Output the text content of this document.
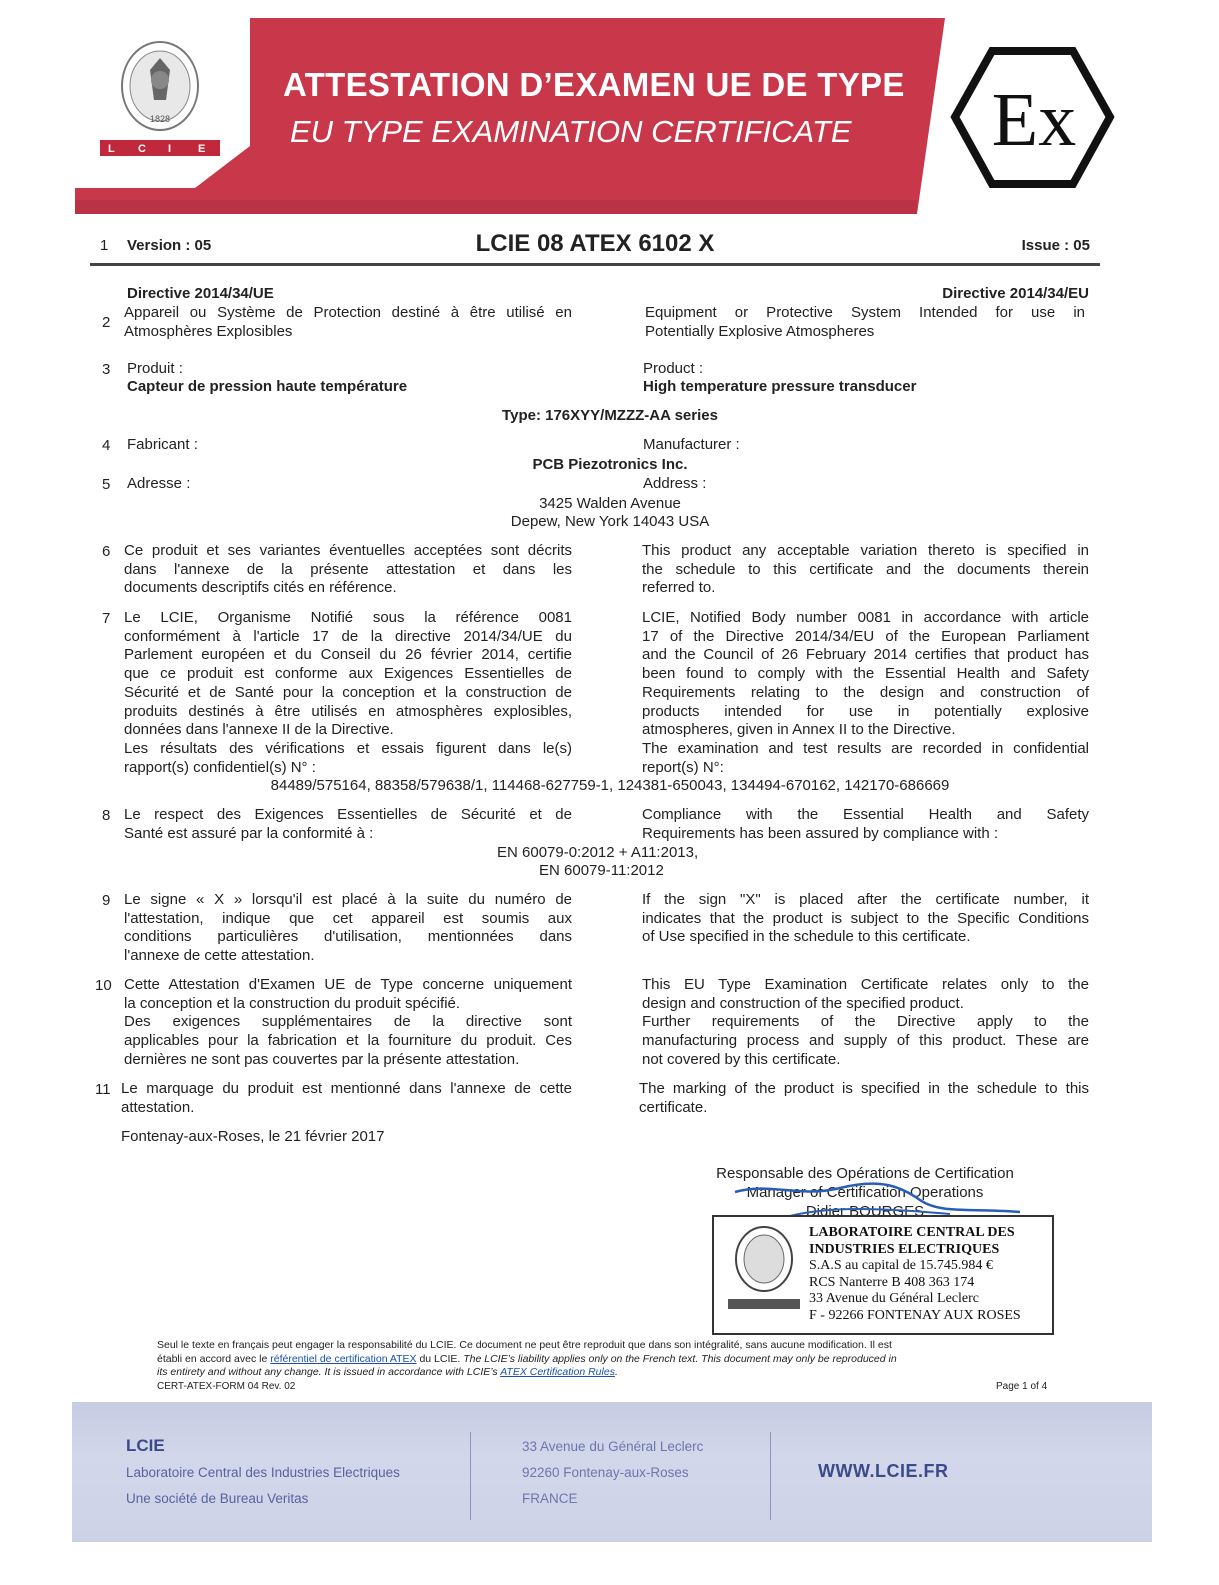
1828
L C I E
ATTESTATION D’EXAMEN UE DE TYPE
EU TYPE EXAMINATION CERTIFICATE Ex
1 Version : 05	LCIE 08 ATEX 6102 X	Issue : 05
2
Directive 2014/34/UE	Directive 2014/34/EU
Appareil ou Système de Protection destiné à être utilisé en
Atmosphères Explosibles
Equipment or Protective System Intended for use in
Potentially Explosive Atmospheres
3 Produit :
Capteur de pression haute température
Product :
High temperature pressure transducer
Type: 176XYY/MZZZ-AA series
4 Fabricant :	Manufacturer :
PCB Piezotronics Inc.
5 Adresse :	Address :
3425 Walden Avenue
Depew, New York 14043 USA
6 Ce produit et ses variantes éventuelles acceptées sont décrits
dans l'annexe de la présente attestation et dans les
documents descriptifs cités en référence.
This product any acceptable variation thereto is specified in
the schedule to this certificate and the documents therein
referred to.
7 Le LCIE, Organisme Notifié sous la référence 0081
conformément à l'article 17 de la directive 2014/34/UE du
Parlement européen et du Conseil du 26 février 2014, certifie
que ce produit est conforme aux Exigences Essentielles de
Sécurité et de Santé pour la conception et la construction de
produits destinés à être utilisés en atmosphères explosibles,
données dans l'annexe II de la Directive.
Les résultats des vérifications et essais figurent dans le(s)
rapport(s) confidentiel(s) N° :
LCIE, Notified Body number 0081 in accordance with article
17 of the Directive 2014/34/EU of the European Parliament
and the Council of 26 February 2014 certifies that product has
been found to comply with the Essential Health and Safety
Requirements relating to the design and construction of
products intended for use in potentially explosive
atmospheres, given in Annex II to the Directive.
The examination and test results are recorded in confidential
report(s) N°:
84489/575164, 88358/579638/1, 114468-627759-1, 124381-650043, 134494-670162, 142170-686669
8 Le respect des Exigences Essentielles de Sécurité et de
Santé est assuré par la conformité à :
Compliance with the Essential Health and Safety
Requirements has been assured by compliance with :
EN 60079-0:2012 + A11:2013,
EN 60079-11:2012
9 Le signe « X » lorsqu'il est placé à la suite du numéro de
l'attestation, indique que cet appareil est soumis aux
conditions particulières d'utilisation, mentionnées dans
l'annexe de cette attestation.
If the sign "X" is placed after the certificate number, it
indicates that the product is subject to the Specific Conditions
of Use specified in the schedule to this certificate.
10 Cette Attestation d'Examen UE de Type concerne uniquement
la conception et la construction du produit spécifié.
Des exigences supplémentaires de la directive sont
applicables pour la fabrication et la fourniture du produit. Ces
dernières ne sont pas couvertes par la présente attestation.
This EU Type Examination Certificate relates only to the
design and construction of the specified product.
Further requirements of the Directive apply to the
manufacturing process and supply of this product. These are
not covered by this certificate.
11 Le marquage du produit est mentionné dans l'annexe de cette
attestation.
The marking of the product is specified in the schedule to this
certificate.
Fontenay-aux-Roses, le 21 février 2017
Responsable des Opérations de Certification
Manager of Certification Operations
Didier BOURGES
LABORATOIRE CENTRAL DES
INDUSTRIES ELECTRIQUES
S.A.S au capital de 15.745.984 €
RCS Nanterre B 408 363 174
33 Avenue du Général Leclerc
F - 92266 FONTENAY AUX ROSES
Seul le texte en français peut engager la responsabilité du LCIE. Ce document ne peut être reproduit que dans son intégralité, sans aucune modification. Il est
établi en accord avec le référentiel de certification ATEX du LCIE. The LCIE’s liability applies only on the French text. This document may only be reproduced in
its entirety and without any change. It is issued in accordance with LCIE’s ATEX Certification Rules.
CERT-ATEX-FORM 04 Rev. 02	Page 1 of 4
LCIE
Laboratoire Central des Industries Electriques
Une société de Bureau Veritas
33 Avenue du Général Leclerc
92260 Fontenay-aux-Roses
FRANCE
WWW.LCIE.FR
